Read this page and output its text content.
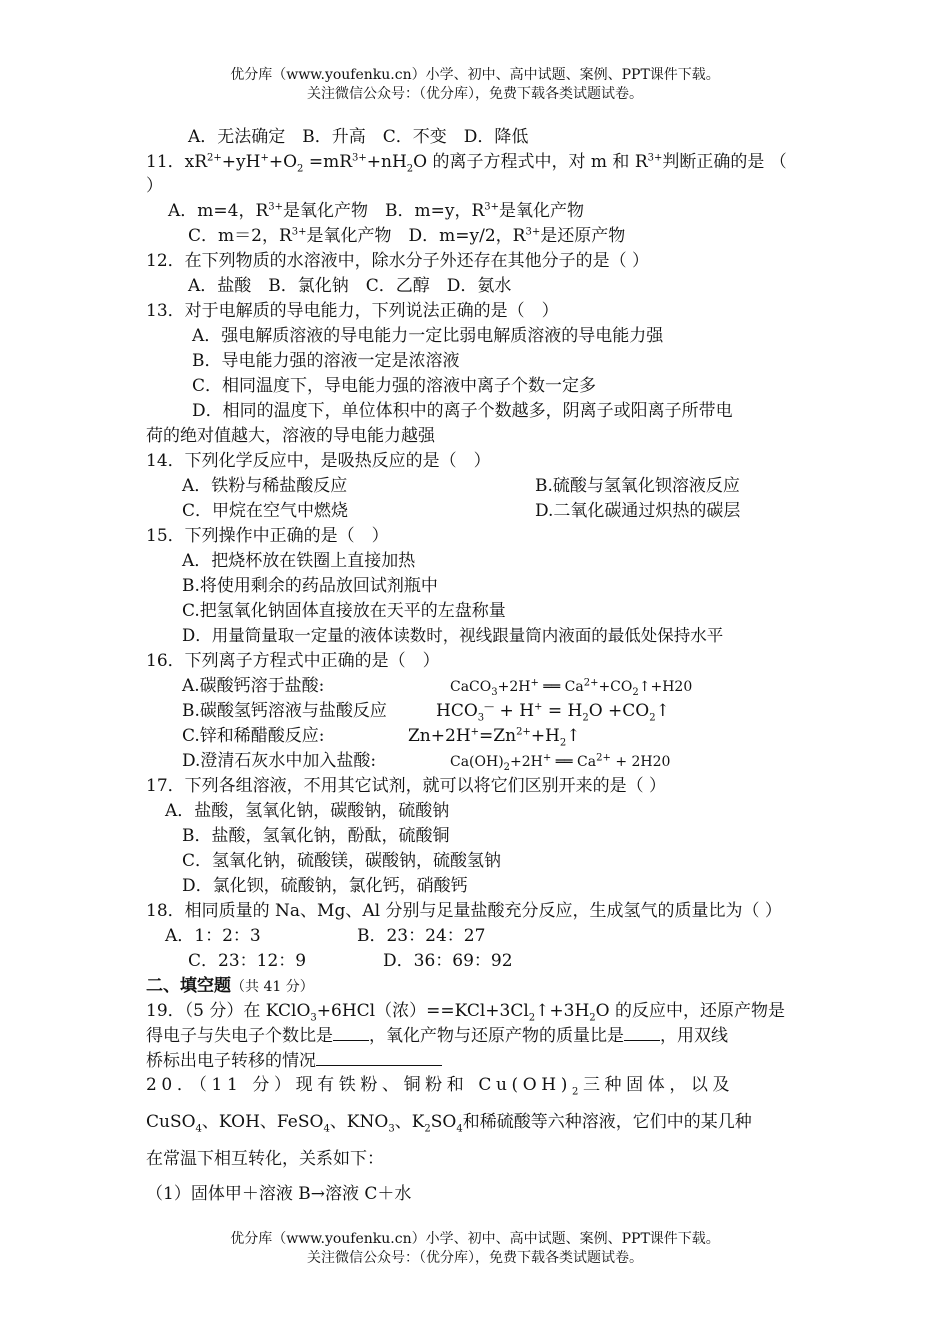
优分库（www.youfenku.cn）小学、初中、高中试题、案例、PPT课件下载。
关注微信公众号：（优分库），免费下载各类试题试卷。
A．无法确定　B．升高　C．不变　D．降低
11．$xR^{2+}+yH^++O_2 =mR^{3+}+nH_2O$ 的离子方程式中，对 m 和 $R^{3+}$判断正确的是 （
）
A．m=4，$R^{3+}$是氧化产物　B．m=y，$R^{3+}$是氧化产物
C．m＝2，$R^{3+}$是氧化产物　D．m=y/2，$R^{3+}$是还原产物
12．在下列物质的水溶液中，除水分子外还存在其他分子的是（ ）
A．盐酸　B．氯化钠　C．乙醇　D．氨水
13．对于电解质的导电能力，下列说法正确的是（　）
A．强电解质溶液的导电能力一定比弱电解质溶液的导电能力强
B．导电能力强的溶液一定是浓溶液
C．相同温度下，导电能力强的溶液中离子个数一定多
D．相同的温度下，单位体积中的离子个数越多，阴离子或阳离子所带电
荷的绝对值越大，溶液的导电能力越强
14．下列化学反应中，是吸热反应的是（　）
A．铁粉与稀盐酸反应	B.硫酸与氢氧化钡溶液反应
C．甲烷在空气中燃烧	D.二氧化碳通过炽热的碳层
15．下列操作中正确的是（　）
A．把烧杯放在铁圈上直接加热
B.将使用剩余的药品放回试剂瓶中
C.把氢氧化钠固体直接放在天平的左盘称量
D．用量筒量取一定量的液体读数时，视线跟量筒内液面的最低处保持水平
16．下列离子方程式中正确的是（　）
A.碳酸钙溶于盐酸:	CaCO$_3$+2H+ ══ $Ca^{2+}+CO_2↑+H20$
B.碳酸氢钙溶液与盐酸反应	$HCO_3^— + H^+ = H_2O$ $+CO_2↑$
C.锌和稀醋酸反应:	$Zn+2H^+=Zn^{2+}+H_2↑$
D.澄清石灰水中加入盐酸:	$Ca(OH)_2+2H^+$ ══ $Ca^{2+} + 2H20$
17．下列各组溶液，不用其它试剂，就可以将它们区别开来的是（ ）
A．盐酸，氢氧化钠，碳酸钠，硫酸钠
B．盐酸，氢氧化钠，酚酞，硫酸铜
C．氢氧化钠，硫酸镁，碳酸钠，硫酸氢钠
D．氯化钡，硫酸钠，氯化钙，硝酸钙
18．相同质量的 Na、Mg、Al 分别与足量盐酸充分反应，生成氢气的质量比为（ ）
A．1：2：3	B．23：24：27
C．23：12：9	D．36：69：92
二、填空题（共 41 分）
19．（5 分）在 KClO$_3$+6HCl（浓）$==KCl+3Cl_2↑+3H_2O$ 的反应中，还原产物是
得电子与失电子个数比是 ，氧化产物与还原产物的质量比是 ，用双线
桥标出电子转移的情况
20．（11 分）现有铁粉、铜粉和 $Cu(OH)_2$三种固体，以及
CuSO$_4$、KOH、FeSO$_4$、$KNO_3$、$K_2SO_4$和稀硫酸等六种溶液，它们中的某几种
在常温下相互转化，关系如下：
（1）固体甲＋溶液 B→溶液 C＋水
优分库（www.youfenku.cn）小学、初中、高中试题、案例、PPT课件下载。
关注微信公众号：（优分库），免费下载各类试题试卷。
